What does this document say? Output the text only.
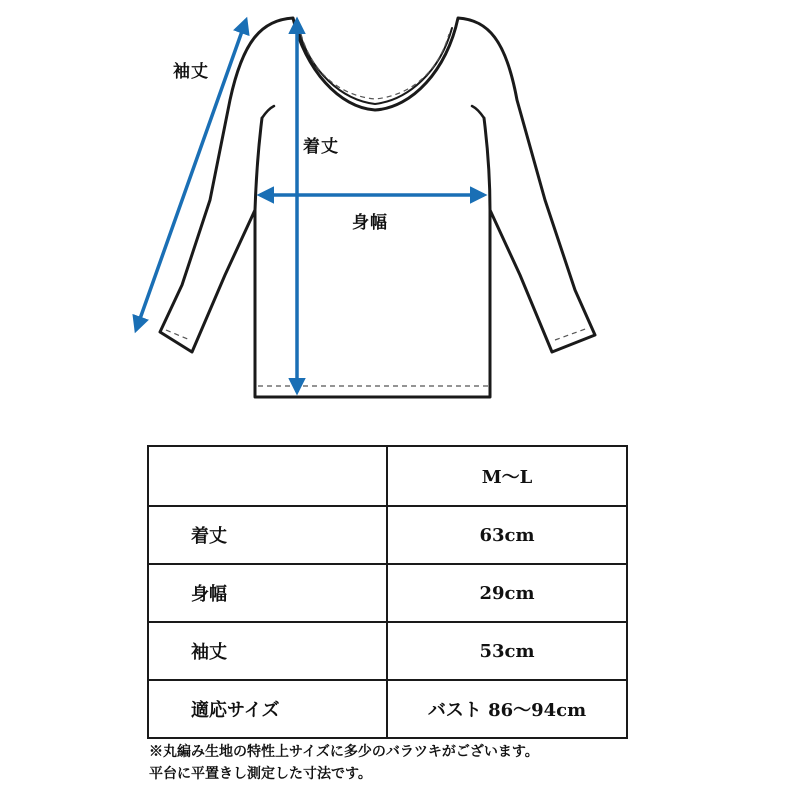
袖丈
着丈
身幅
	M～L
着丈	63cm
身幅	29cm
袖丈	53cm
適応サイズ	バスト 86～94cm
※丸編み生地の特性上サイズに多少のバラツキがございます。
平台に平置きし測定した寸法です。
